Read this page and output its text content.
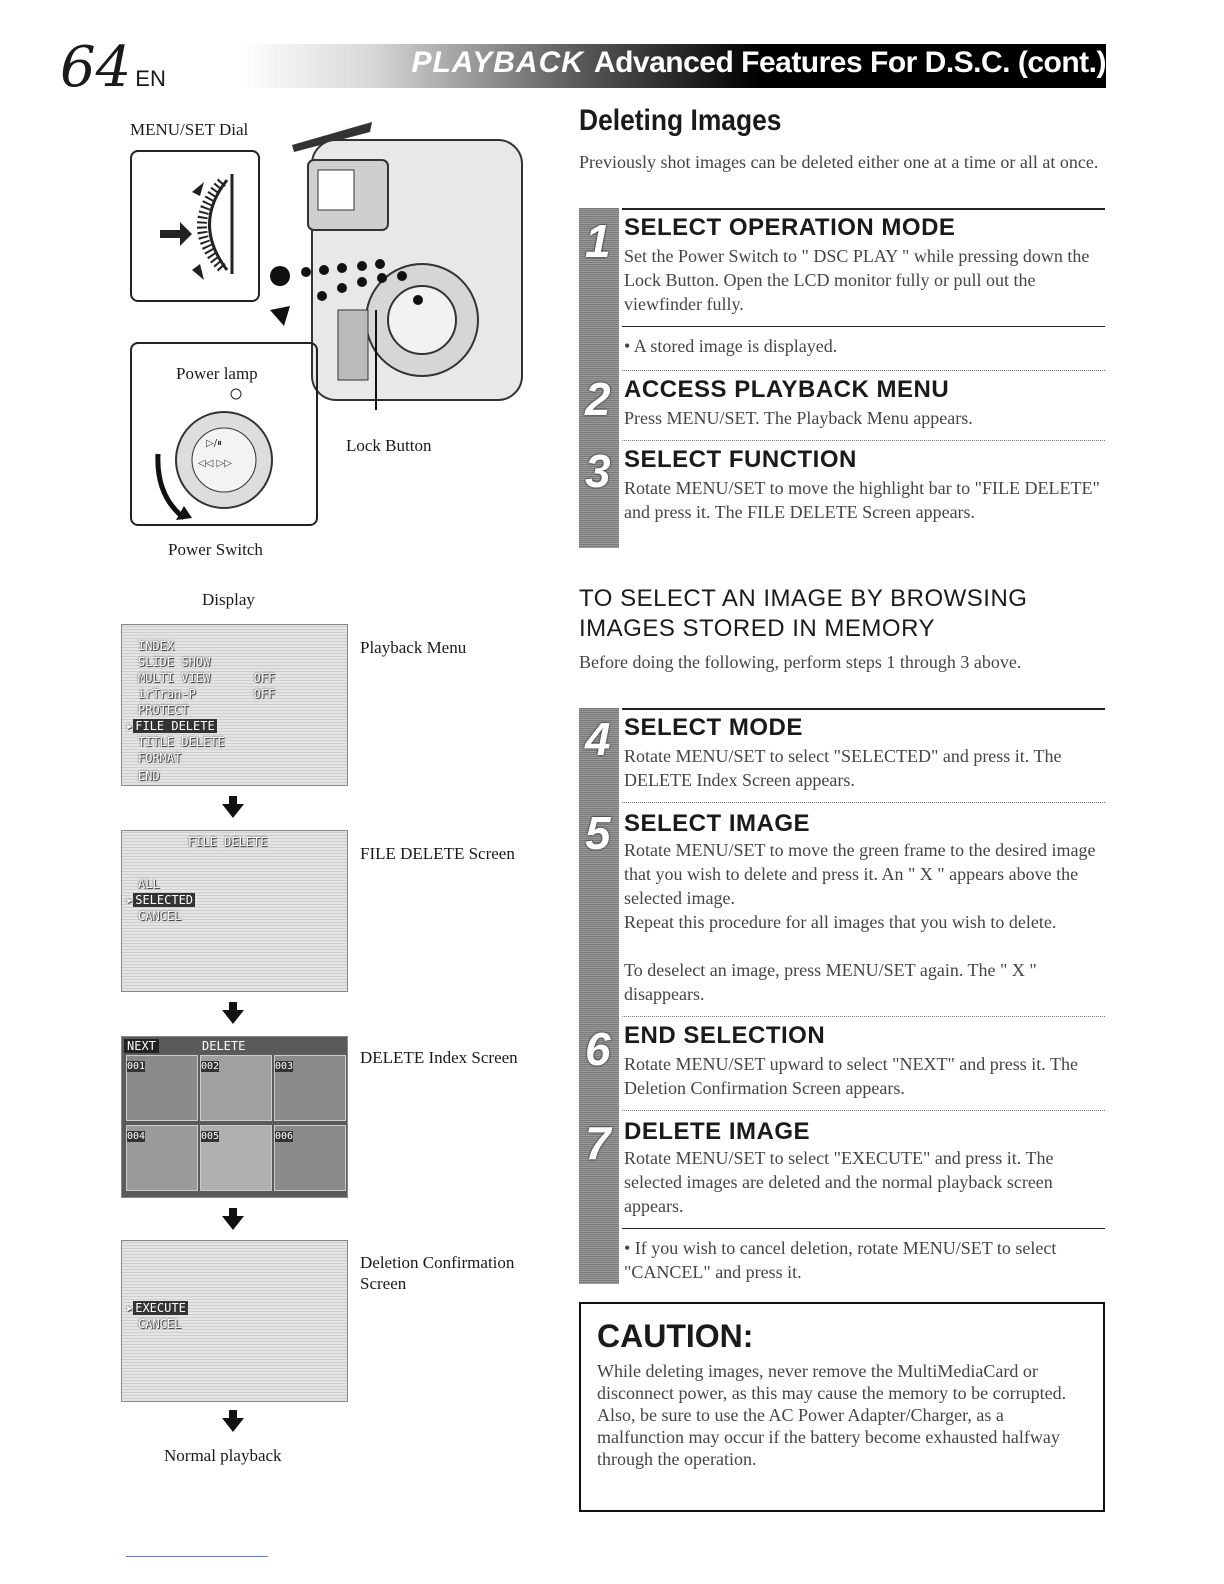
64 EN	PLAYBACK Advanced Features For D.S.C. (cont.)
MENU/SET Dial
Power lamp
▷/⏸
◁◁ ▷▷
Lock Button
Power Switch
Display
INDEX
SLIDE SHOW
MULTI VIEW      OFF
irTran-P        OFF
PROTECT
▸ FILE DELETE
TITLE DELETE
FORMAT
END
Playback Menu
FILE DELETE
ALL
▸ SELECTED
CANCEL
FILE DELETE Screen
NEXT	DELETE
001	002	003
004	005	006
DELETE Index Screen
▸ EXECUTE
CANCEL
Deletion Confirmation Screen
Normal playback
Deleting Images
Previously shot images can be deleted either one at a time or all at once.
1 SELECT OPERATION MODE
Set the Power Switch to " DSC PLAY " while pressing down the Lock Button. Open the LCD monitor fully or pull out the viewfinder fully.
• A stored image is displayed.
2 ACCESS PLAYBACK MENU
Press MENU/SET. The Playback Menu appears.
3 SELECT FUNCTION
Rotate MENU/SET to move the highlight bar to "FILE DELETE" and press it. The FILE DELETE Screen appears.
TO SELECT AN IMAGE BY BROWSING
IMAGES STORED IN MEMORY
Before doing the following, perform steps 1 through 3 above.
4 SELECT MODE
Rotate MENU/SET to select "SELECTED" and press it. The DELETE Index Screen appears.
5 SELECT IMAGE
Rotate MENU/SET to move the green frame to the desired image that you wish to delete and press it. An " X " appears above the selected image.
Repeat this procedure for all images that you wish to delete.
To deselect an image, press MENU/SET again. The " X " disappears.
6 END SELECTION
Rotate MENU/SET upward to select "NEXT" and press it. The Deletion Confirmation Screen appears.
7 DELETE IMAGE
Rotate MENU/SET to select "EXECUTE" and press it. The selected images are deleted and the normal playback screen appears.
• If you wish to cancel deletion, rotate MENU/SET to select "CANCEL" and press it.
CAUTION:
While deleting images, never remove the MultiMediaCard or disconnect power, as this may cause the memory to be corrupted. Also, be sure to use the AC Power Adapter/Charger, as a malfunction may occur if the battery become exhausted halfway through the operation.
